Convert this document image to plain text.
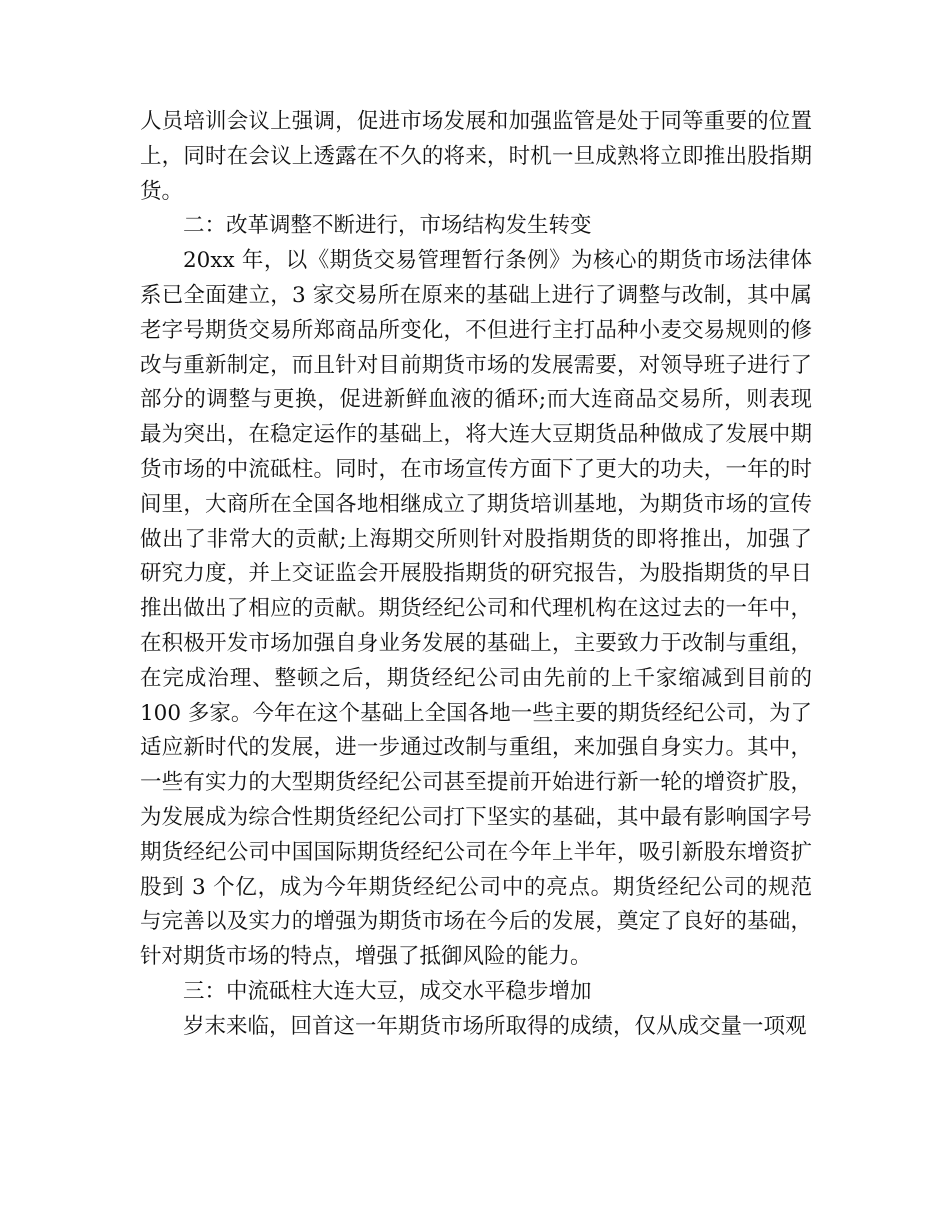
人员培训会议上强调，促进市场发展和加强监管是处于同等重要的位置上，同时在会议上透露在不久的将来，时机一旦成熟将立即推出股指期货。

二：改革调整不断进行，市场结构发生转变

20xx 年，以《期货交易管理暂行条例》为核心的期货市场法律体系已全面建立，3 家交易所在原来的基础上进行了调整与改制，其中属老字号期货交易所郑商品所变化，不但进行主打品种小麦交易规则的修改与重新制定，而且针对目前期货市场的发展需要，对领导班子进行了部分的调整与更换，促进新鲜血液的循环;而大连商品交易所，则表现最为突出，在稳定运作的基础上，将大连大豆期货品种做成了发展中期货市场的中流砥柱。同时，在市场宣传方面下了更大的功夫，一年的时间里，大商所在全国各地相继成立了期货培训基地，为期货市场的宣传做出了非常大的贡献;上海期交所则针对股指期货的即将推出，加强了研究力度，并上交证监会开展股指期货的研究报告，为股指期货的早日推出做出了相应的贡献。期货经纪公司和代理机构在这过去的一年中，在积极开发市场加强自身业务发展的基础上，主要致力于改制与重组，在完成治理、整顿之后，期货经纪公司由先前的上千家缩减到目前的100 多家。今年在这个基础上全国各地一些主要的期货经纪公司，为了适应新时代的发展，进一步通过改制与重组，来加强自身实力。其中，一些有实力的大型期货经纪公司甚至提前开始进行新一轮的增资扩股，为发展成为综合性期货经纪公司打下坚实的基础，其中最有影响国字号期货经纪公司中国国际期货经纪公司在今年上半年，吸引新股东增资扩股到 3 个亿，成为今年期货经纪公司中的亮点。期货经纪公司的规范与完善以及实力的增强为期货市场在今后的发展，奠定了良好的基础，针对期货市场的特点，增强了抵御风险的能力。

三：中流砥柱大连大豆，成交水平稳步增加

岁末来临，回首这一年期货市场所取得的成绩，仅从成交量一项观
